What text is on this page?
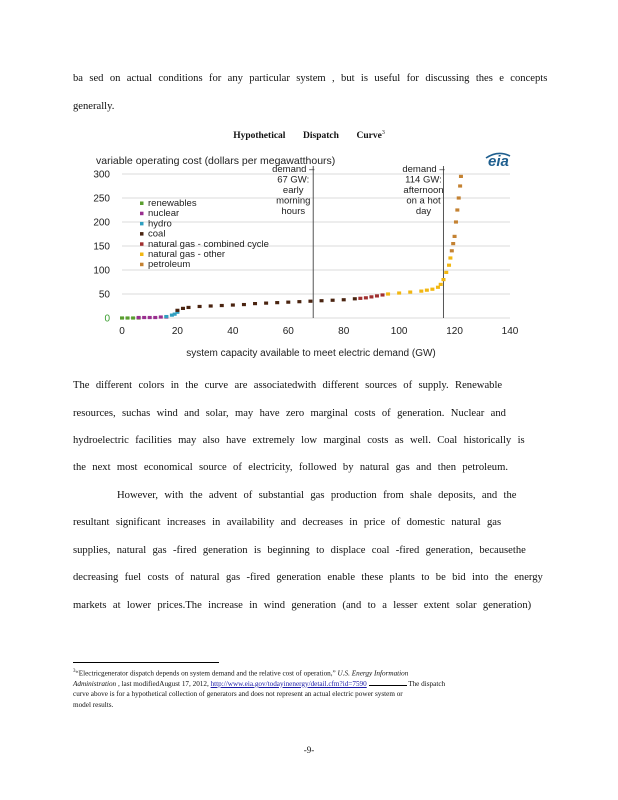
ba sed on actual conditions for any particular system , but is useful for discussing thes e concepts
generally.
Hypothetical Dispatch Curve$^3$
variable operating cost (dollars per megawatthours)	eia
demand –
67 GW:
early
morning
hours
demand –
114 GW:
afternoon
on a hot
day
0
50
100
150
200
250
300
0	20	40	60	80	100	120	140
renewables
nuclear
hydro
coal
natural gas - combined cycle
natural gas - other
petroleum
system capacity available to meet electric demand (GW)
The different colors in the curve are associatedwith different sources of supply. Renewable
resources, suchas wind and solar, may have zero marginal costs of generation. Nuclear and
hydroelectric facilities may also have extremely low marginal costs as well. Coal historically is
the next most economical source of electricity, followed by natural gas and then petroleum.
However, with the advent of substantial gas production from shale deposits, and the
resultant significant increases in availability and decreases in price of domestic natural gas
supplies, natural gas -fired generation is beginning to displace coal -fired generation, becausethe
decreasing fuel costs of natural gas -fired generation enable these plants to be bid into the energy
markets at lower prices.The increase in wind generation (and to a lesser extent solar generation)
$^3$“Electricgenerator dispatch depends on system demand and the relative cost of operation,” U.S. Energy Information
Administration , last modifiedAugust 17, 2012, http://www.eia.gov/todayinenergy/detail.cfm?id=7590	The dispatch
curve above is for a hypothetical collection of generators and does not represent an actual electric power system or
model results.
-9-
